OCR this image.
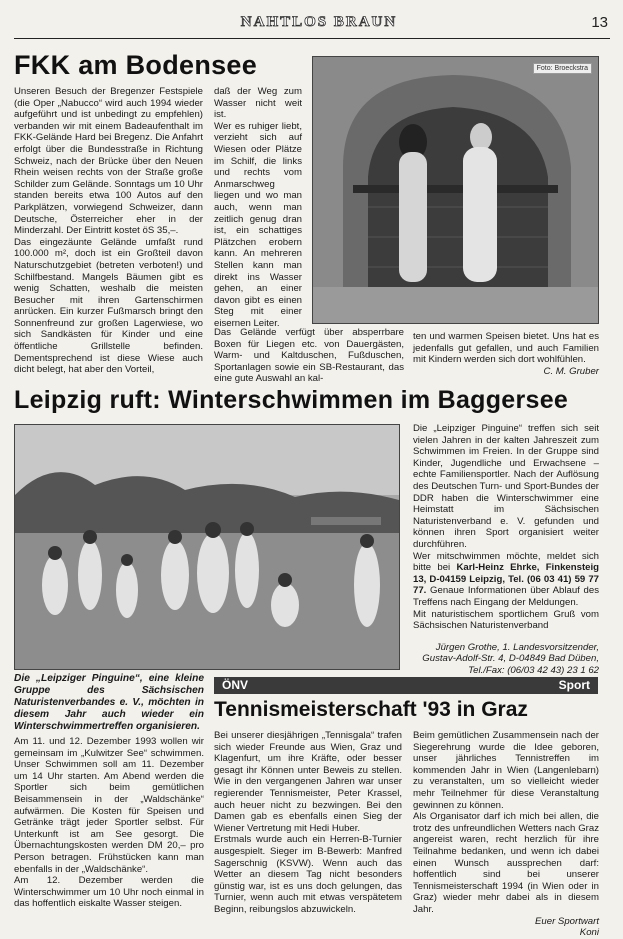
NAHTLOS BRAUN	13
FKK am Bodensee	Foto: Broeckstra

Unseren Besuch der Bregenzer Festspiele (die Oper „Nabucco“ wird auch 1994 wieder aufgeführt und ist unbedingt zu empfehlen) verbanden wir mit einem Badeaufenthalt im FKK-Gelände Hard bei Bregenz. Die Anfahrt erfolgt über die Bundesstraße in Richtung Schweiz, nach der Brücke über den Neuen Rhein weisen rechts von der Straße große Schilder zum Gelände. Sonntags um 10 Uhr standen bereits etwa 100 Autos auf den Parkplätzen, vorwiegend Schweizer, dann Deutsche, Österreicher eher in der Minderzahl. Der Eintritt kostet öS 35,–.

Das eingezäunte Gelände umfaßt rund 100.000 m², doch ist ein Großteil davon Naturschutzgebiet (betreten verboten!) und Schilfbestand. Mangels Bäumen gibt es wenig Schatten, weshalb die meisten Besucher mit ihren Gartenschirmen anrücken. Ein kurzer Fußmarsch bringt den Sonnenfreund zur großen Lagerwiese, wo sich Sandkästen für Kinder und eine öffentliche Grillstelle befinden. Dementsprechend ist diese Wiese auch dicht belegt, hat aber den Vorteil,

daß der Weg zum Wasser nicht weit ist.

Wer es ruhiger liebt, verzieht sich auf Wiesen oder Plätze im Schilf, die links und rechts vom Anmarschweg liegen und wo man auch, wenn man zeitlich genug dran ist, ein schattiges Plätzchen erobern kann. An mehreren Stellen kann man direkt ins Wasser gehen, an einer davon gibt es einen Steg mit einer eisernen Leiter.

Das Gelände verfügt über absperrbare Boxen für Liegen etc. von Dauergästen, Warm- und Kaltduschen, Fußduschen, Sportanlagen sowie ein SB-Restaurant, das eine gute Auswahl an kal-

ten und warmen Speisen bietet. Uns hat es jedenfalls gut gefallen, und auch Familien mit Kindern werden sich dort wohlfühlen.

C. M. Gruber

Leipzig ruft: Winterschwimmen im Baggersee

Die „Leipziger Pinguine“ treffen sich seit vielen Jahren in der kalten Jahreszeit zum Schwimmen im Freien. In der Gruppe sind Kinder, Jugendliche und Erwachsene – echte Familiensportler. Nach der Auflösung des Deutschen Turn- und Sport-Bundes der DDR haben die Winterschwimmer eine Heimstatt im Sächsischen Naturistenverband e. V. gefunden und können ihren Sport organisiert weiter durchführen.

Wer mitschwimmen möchte, meldet sich bitte bei Karl-Heinz Ehrke, Finkensteig 13, D-04159 Leipzig, Tel. (06 03 41) 59 77 77. Genaue Informationen über Ablauf des Treffens nach Eingang der Meldungen.

Mit naturistischem sportlichem Gruß vom Sächsischen Naturistenverband

Jürgen Grothe, 1. Landesvorsitzender,

Gustav-Adolf-Str. 4, D-04849 Bad Düben,

Tel./Fax: (06/03 42 43) 23 1 62

Die „Leipziger Pinguine“, eine kleine Gruppe des Sächsischen Naturistenverbandes e. V., möchten in diesem Jahr auch wieder ein Winterschwimmertreffen organisieren.

Am 11. und 12. Dezember 1993 wollen wir gemeinsam im „Kulwitzer See“ schwimmen. Unser Schwimmen soll am 11. Dezember um 14 Uhr starten. Am Abend werden die Sportler sich beim gemütlichen Beisammensein in der „Waldschänke“ aufwärmen. Die Kosten für Speisen und Getränke trägt jeder Sportler selbst. Für Unterkunft ist am See gesorgt. Die Übernachtungskosten werden DM 20,– pro Person betragen. Frühstücken kann man ebenfalls in der „Waldschänke“.

Am 12. Dezember werden die Winterschwimmer um 10 Uhr noch einmal in das hoffentlich eiskalte Wasser steigen.

ÖNV	Sport
Tennismeisterschaft '93 in Graz

Bei unserer diesjährigen „Tennisgala“ trafen sich wieder Freunde aus Wien, Graz und Klagenfurt, um ihre Kräfte, oder besser gesagt ihr Können unter Beweis zu stellen. Wie in den vergangenen Jahren war unser regierender Tennismeister, Peter Krassel, auch heuer nicht zu bezwingen. Bei den Damen gab es ebenfalls einen Sieg der Wiener Vertretung mit Hedi Huber.

Erstmals wurde auch ein Herren-B-Turnier ausgespielt. Sieger im B-Bewerb: Manfred Sagerschnig (KSVW). Wenn auch das Wetter an diesem Tag nicht besonders günstig war, ist es uns doch gelungen, das Turnier, wenn auch mit etwas verspätetem Beginn, reibungslos abzuwickeln.

Beim gemütlichen Zusammensein nach der Siegerehrung wurde die Idee geboren, unser jährliches Tennistreffen im kommenden Jahr in Wien (Langenlebarn) zu veranstalten, um so vielleicht wieder mehr Teilnehmer für diese Veranstaltung gewinnen zu können.

Als Organisator darf ich mich bei allen, die trotz des unfreundlichen Wetters nach Graz angereist waren, recht herzlich für ihre Teilnahme bedanken, und wenn ich dabei einen Wunsch aussprechen darf: hoffentlich sind bei unserer Tennismeisterschaft 1994 (in Wien oder in Graz) wieder mehr dabei als in diesem Jahr.

Euer Sportwart
Koni
